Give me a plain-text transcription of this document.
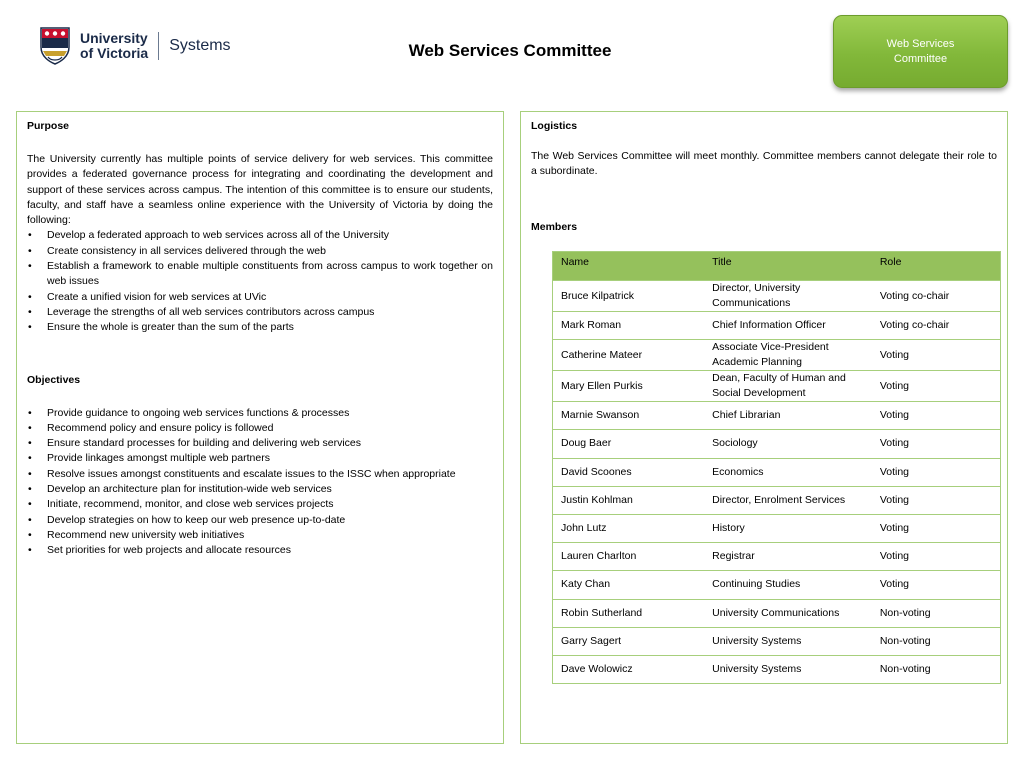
University
of Victoria Systems	Web Services Committee	Web Services Committee
Purpose
The University currently has multiple points of service delivery for web services. This committee provides a federated governance process for integrating and coordinating the development and support of these services across campus. The intention of this committee is to ensure our students, faculty, and staff have a seamless online experience with the University of Victoria by doing the following:
• Develop a federated approach to web services across all of the University
• Create consistency in all services delivered through the web
• Establish a framework to enable multiple constituents from across campus to work together on web issues
• Create a unified vision for web services at UVic
• Leverage the strengths of all web services contributors across campus
• Ensure the whole is greater than the sum of the parts
Objectives
• Provide guidance to ongoing web services functions & processes
• Recommend policy and ensure policy is followed
• Ensure standard processes for building and delivering web services
• Provide linkages amongst multiple web partners
• Resolve issues amongst constituents and escalate issues to the ISSC when appropriate
• Develop an architecture plan for institution-wide web services
• Initiate, recommend, monitor, and close web services projects
• Develop strategies on how to keep our web presence up-to-date
• Recommend new university web initiatives
• Set priorities for web projects and allocate resources
Logistics
The Web Services Committee will meet monthly. Committee members cannot delegate their role to a subordinate.
Members
Name	Title	Role
Bruce Kilpatrick	Director, University Communications	Voting co-chair
Mark Roman	Chief Information Officer	Voting co-chair
Catherine Mateer	Associate Vice-President Academic Planning	Voting
Mary Ellen Purkis	Dean, Faculty of Human and Social Development	Voting
Marnie Swanson	Chief Librarian	Voting
Doug Baer	Sociology	Voting
David Scoones	Economics	Voting
Justin Kohlman	Director, Enrolment Services	Voting
John Lutz	History	Voting
Lauren Charlton	Registrar	Voting
Katy Chan	Continuing Studies	Voting
Robin Sutherland	University Communications	Non-voting
Garry Sagert	University Systems	Non-voting
Dave Wolowicz	University Systems	Non-voting
